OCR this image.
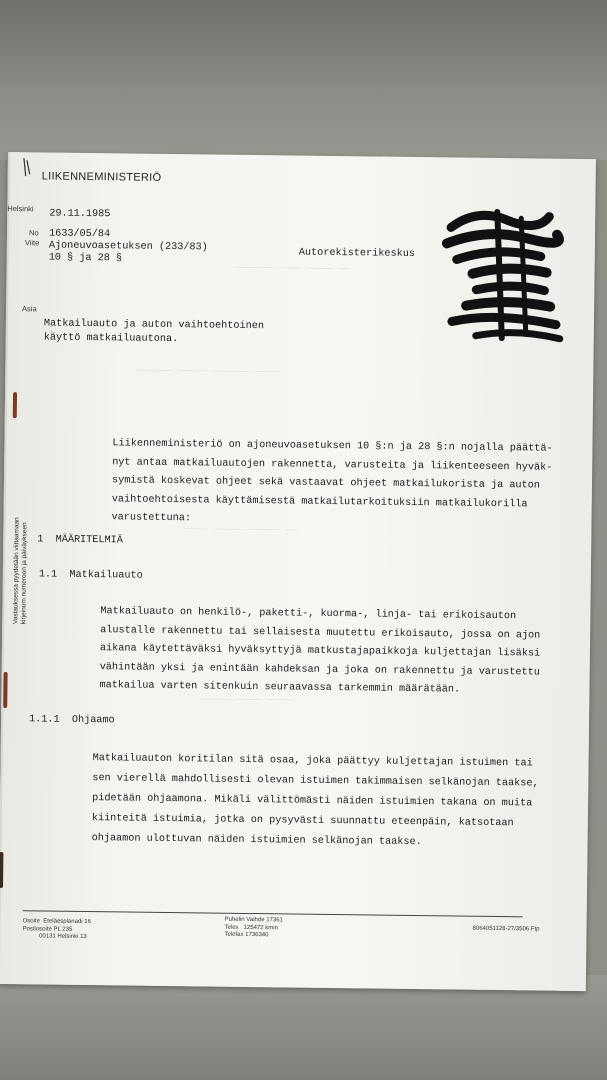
—————— ———— ———— ——
—————— ————— —————— ————
———— ————— ————— ——
————— ———— ————
LIIKENNEMINISTERIÖ
Helsinki
No
Viite
Asia
29.11.1985
1633/05/84
Ajoneuvoasetuksen (233/83)
10 § ja 28 §	Autorekisterikeskus
Matkailuauto ja auton vaihtoehtoinen
käyttö matkailuautona.
Vastauksessa pyydetään viittaamaan kirjeinum numeroon ja päiväykseen
Liikenneministeriö on ajoneuvoasetuksen 10 §:n ja 28 §:n nojalla päättä-
nyt antaa matkailuautojen rakennetta, varusteita ja liikenteeseen hyväk-
symistä koskevat ohjeet sekä vastaavat ohjeet matkailukorista ja auton
vaihtoehtoisesta käyttämisestä matkailutarkoituksiin matkailukorilla
varustettuna:
1 MÄÄRITELMIÄ
1.1 Matkailuauto
Matkailuauto on henkilö-, paketti-, kuorma-, linja- tai erikoisauton
alustalle rakennettu tai sellaisesta muutettu erikoisauto, jossa on ajon
aikana käytettäväksi hyväksyttyjä matkustajapaikkoja kuljettajan lisäksi
vähintään yksi ja enintään kahdeksan ja joka on rakennettu ja varustettu
matkailua varten sitenkuin seuraavassa tarkemmin määrätään.
1.1.1 Ohjaamo
Matkailuauton koritilan sitä osaa, joka päättyy kuljettajan istuimen tai
sen vierellä mahdollisesti olevan istuimen takimmaisen selkänojan taakse,
pidetään ohjaamona. Mikäli välittömästi näiden istuimien takana on muita
kiinteitä istuimia, jotka on pysyvästi suunnattu eteenpäin, katsotaan
ohjaamon ulottuvan näiden istuimien selkänojan taakse.
Osoite Eteläesplanadi 16
Postiosoite PL 235
00131 Helsinki 13
Puhelin Vaihde 17361
Telex 125472 kmin
Telefax 1736340
8064051128-27/3506 Ftp
